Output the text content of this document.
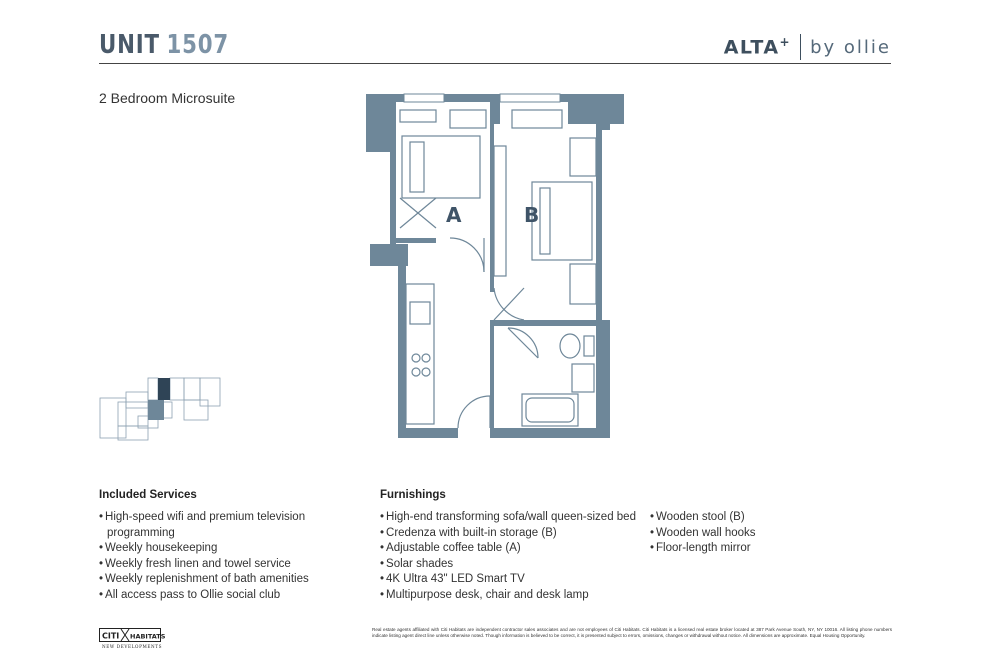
UNIT 1507	ALTA+ by ollie
2 Bedroom Microsuite
A	B
Included Services
• High-speed wifi and premium television programming
• Weekly housekeeping
• Weekly fresh linen and towel service
• Weekly replenishment of bath amenities
• All access pass to Ollie social club
Furnishings
• High-end transforming sofa/wall queen-sized bed
• Credenza with built-in storage (B)
• Adjustable coffee table (A)
• Solar shades
• 4K Ultra 43" LED Smart TV
• Multipurpose desk, chair and desk lamp
• Wooden stool (B)
• Wooden wall hooks
• Floor-length mirror
CITI HABITATS
NEW DEVELOPMENTS
Real estate agents affiliated with Citi Habitats are independent contractor sales associates and are not employees of Citi Habitats. Citi Habitats is a licensed real estate broker located at 387 Park Avenue South, NY, NY 10016. All listing phone numbers indicate listing agent direct line unless otherwise noted. Though information is believed to be correct, it is presented subject to errors, omissions, changes or withdrawal without notice. All dimensions are approximate. Equal Housing Opportunity.
